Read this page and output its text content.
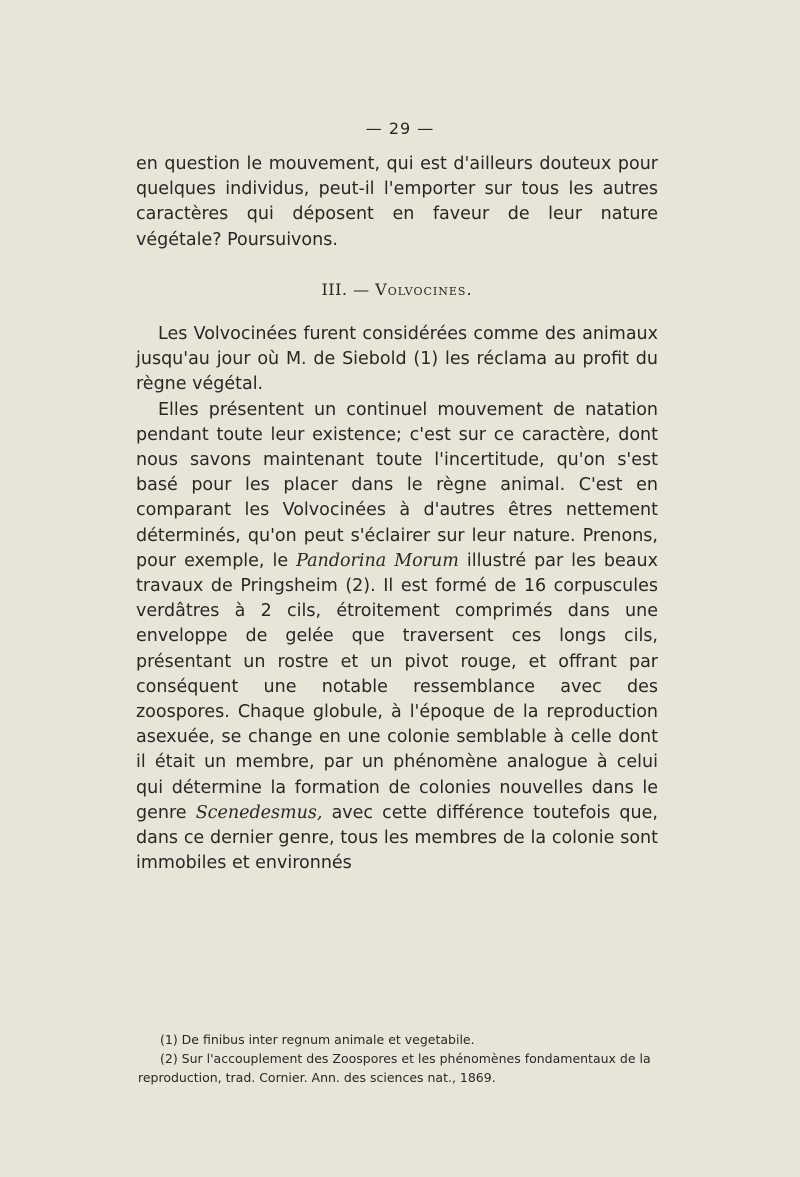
— 29 —

en question le mouvement, qui est d'ailleurs douteux pour quelques individus, peut-il l'emporter sur tous les autres caractères qui déposent en faveur de leur nature végétale? Poursuivons.

III. — Volvocines.

Les Volvocinées furent considérées comme des animaux jusqu'au jour où M. de Siebold (1) les réclama au profit du règne végétal.

Elles présentent un continuel mouvement de natation pendant toute leur existence; c'est sur ce caractère, dont nous savons maintenant toute l'incertitude, qu'on s'est basé pour les placer dans le règne animal. C'est en comparant les Volvocinées à d'autres êtres nettement déterminés, qu'on peut s'éclairer sur leur nature. Prenons, pour exemple, le Pandorina Morum illustré par les beaux travaux de Pringsheim (2). Il est formé de 16 corpuscules verdâtres à 2 cils, étroitement comprimés dans une enveloppe de gelée que traversent ces longs cils, présentant un rostre et un pivot rouge, et offrant par conséquent une notable ressemblance avec des zoospores. Chaque globule, à l'époque de la reproduction asexuée, se change en une colonie semblable à celle dont il était un membre, par un phénomène analogue à celui qui détermine la formation de colonies nouvelles dans le genre Scenedesmus, avec cette différence toutefois que, dans ce dernier genre, tous les membres de la colonie sont immobiles et environnés

(1) De finibus inter regnum animale et vegetabile.

(2) Sur l'accouplement des Zoospores et les phénomènes fondamentaux de la reproduction, trad. Cornier. Ann. des sciences nat., 1869.
